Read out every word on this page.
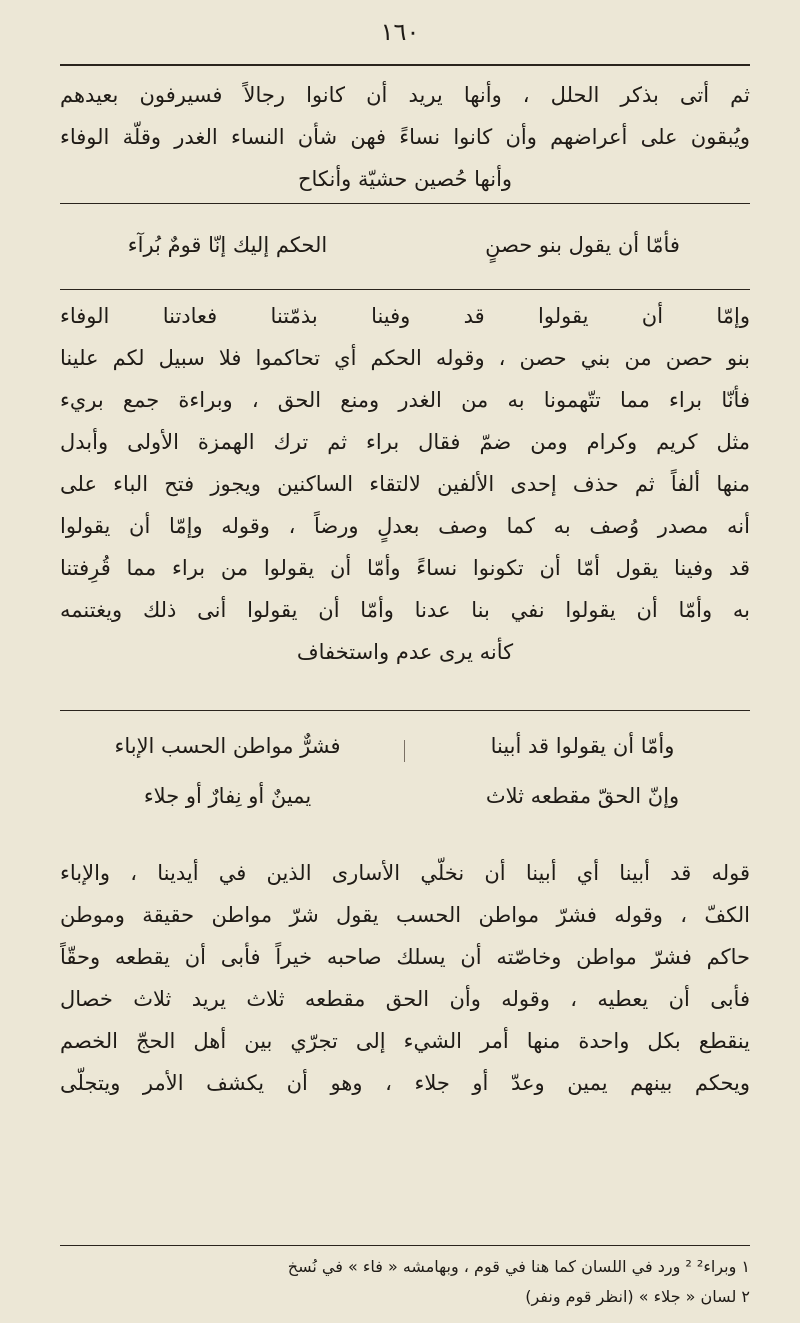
١٦٠
ثم أتى بذكر الحلل ، وأنها يريد أن كانوا رجالاً فسيرفون بعيدهم
ويُبقون على أعراضهم وأن كانوا نساءً فهن شأن النساء الغدر وقلّة الوفاء
وأنها حُصين حشيّة وأنكاح
فأمّا أن يقول بنو حصنٍ
الحكم إليك إنّا قومٌ بُرآء
وإمّا أن يقولوا قد وفينا بذمّتنا فعادتنا الوفاء
بنو حصن من بني حصن ، وقوله الحكم أي تحاكموا فلا سبيل لكم علينا
فأنّا براء مما تتّهمونا به من الغدر ومنع الحق ، وبراءة جمع بريء
مثل كريم وكرام ومن ضمّ فقال براء ثم ترك الهمزة الأولى وأبدل
منها ألفاً ثم حذف إحدى الألفين لالتقاء الساكنين ويجوز فتح الباء على
أنه مصدر وُصف به كما وصف بعدلٍ ورضاً ، وقوله وإمّا أن يقولوا
قد وفينا يقول أمّا أن تكونوا نساءً وأمّا أن يقولوا من براء مما قُرِفتنا
به وأمّا أن يقولوا نفي بنا عدنا وأمّا أن يقولوا أنى ذلك ويغتنمه
كأنه يرى عدم واستخفاف
وأمّا أن يقولوا قد أبينا
فشرٌّ مواطن الحسب الإباء
وإنّ الحقّ مقطعه ثلاث
يمينٌ أو نِفارٌ أو جلاء
قوله قد أبينا أي أبينا أن نخلّي الأسارى الذين في أيدينا ، والإباء
الكفّ ، وقوله فشرّ مواطن الحسب يقول شرّ مواطن حقيقة وموطن
حاكم فشرّ مواطن وخاصّته أن يسلك صاحبه خيراً فأبى أن يقطعه وحقّاً
فأبى أن يعطيه ، وقوله وأن الحق مقطعه ثلاث يريد ثلاث خصال
ينقطع بكل واحدة منها أمر الشيء إلى تجرّي بين أهل الحجّ الخصم
ويحكم بينهم يمين وعدّ أو جلاء ، وهو أن يكشف الأمر ويتجلّى
١ وبراء² ² ورد في اللسان كما هنا في قوم ، وبهامشه « فاء » في نُسخ
٢ لسان « جلاء » (انظر قوم ونفر)
